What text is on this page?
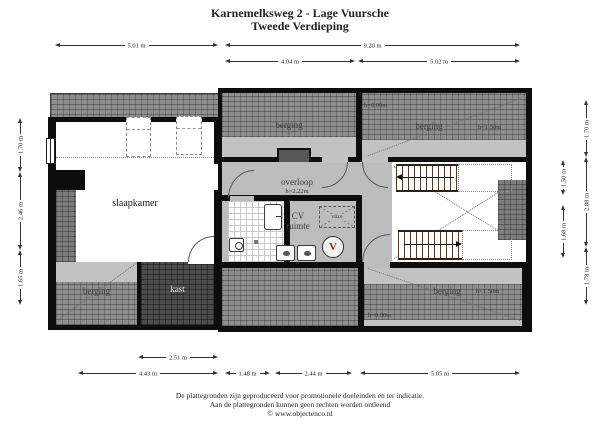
Karnemelksweg 2 - Lage Vuursche
Tweede Verdieping
5.01 m	9.20 m
4.04 m	5.02 m
slaapkamer
berging	kast
berging
h=0.00m
berging	h<1.50m
overloop
h=2.22m
CV
ruimte
vlizo
V
berging	h<1.50m
h=0.00m
1.70 m
2.46 m
1.65 m
1.50 m
1.68 m
1.70 m
2.88 m
1.78 m
2.51 m
4.43 m	1.48 m	2.44 m	5.05 m
De plattegronden zijn geproduceerd voor promotionele doeleinden en ter indicatie.
Aan de plattegronden kunnen geen rechten worden ontleend
© www.objectenco.nl
